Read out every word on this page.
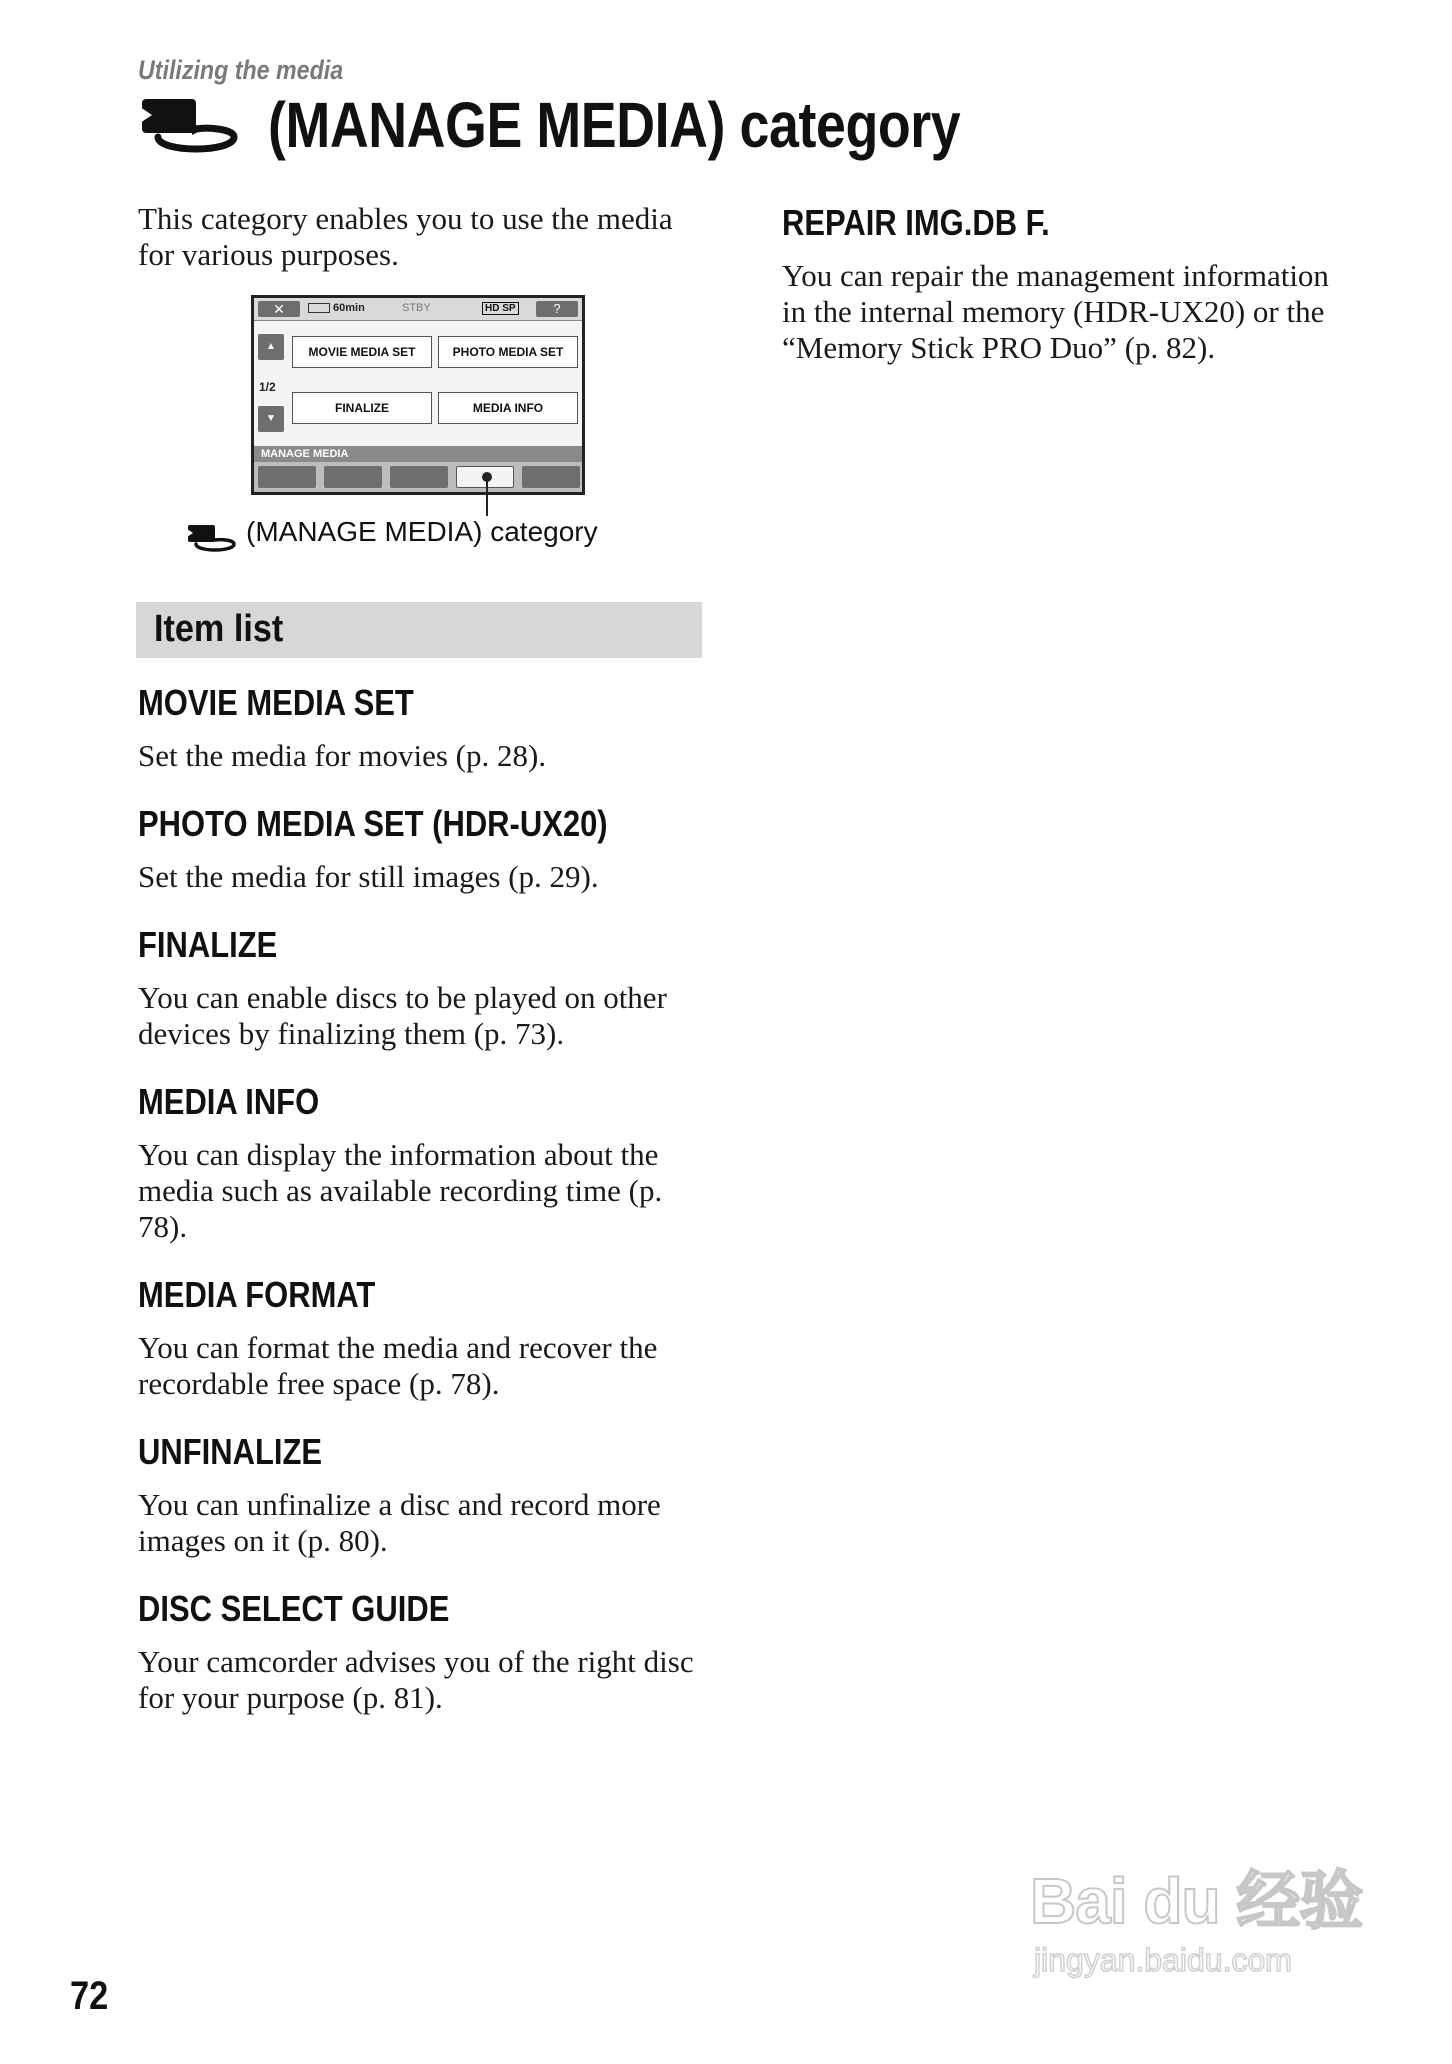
Utilizing the media
(MANAGE MEDIA) category
This category enables you to use the media for various purposes.
✕	60min	STBY	HD SP	?
▲
1/2
▼
MOVIE MEDIA SET	PHOTO MEDIA SET
FINALIZE	MEDIA INFO
MANAGE MEDIA
(MANAGE MEDIA) category
Item list
MOVIE MEDIA SET
Set the media for movies (p. 28).
PHOTO MEDIA SET (HDR-UX20)
Set the media for still images (p. 29).
FINALIZE
You can enable discs to be played on other devices by finalizing them (p. 73).
MEDIA INFO
You can display the information about the media such as available recording time (p. 78).
MEDIA FORMAT
You can format the media and recover the recordable free space (p. 78).
UNFINALIZE
You can unfinalize a disc and record more images on it (p. 80).
DISC SELECT GUIDE
Your camcorder advises you of the right disc for your purpose (p. 81).
REPAIR IMG.DB F.
You can repair the management information in the internal memory (HDR-UX20) or the “Memory Stick PRO Duo” (p. 82).
72
Bai du 经验
jingyan.baidu.com
